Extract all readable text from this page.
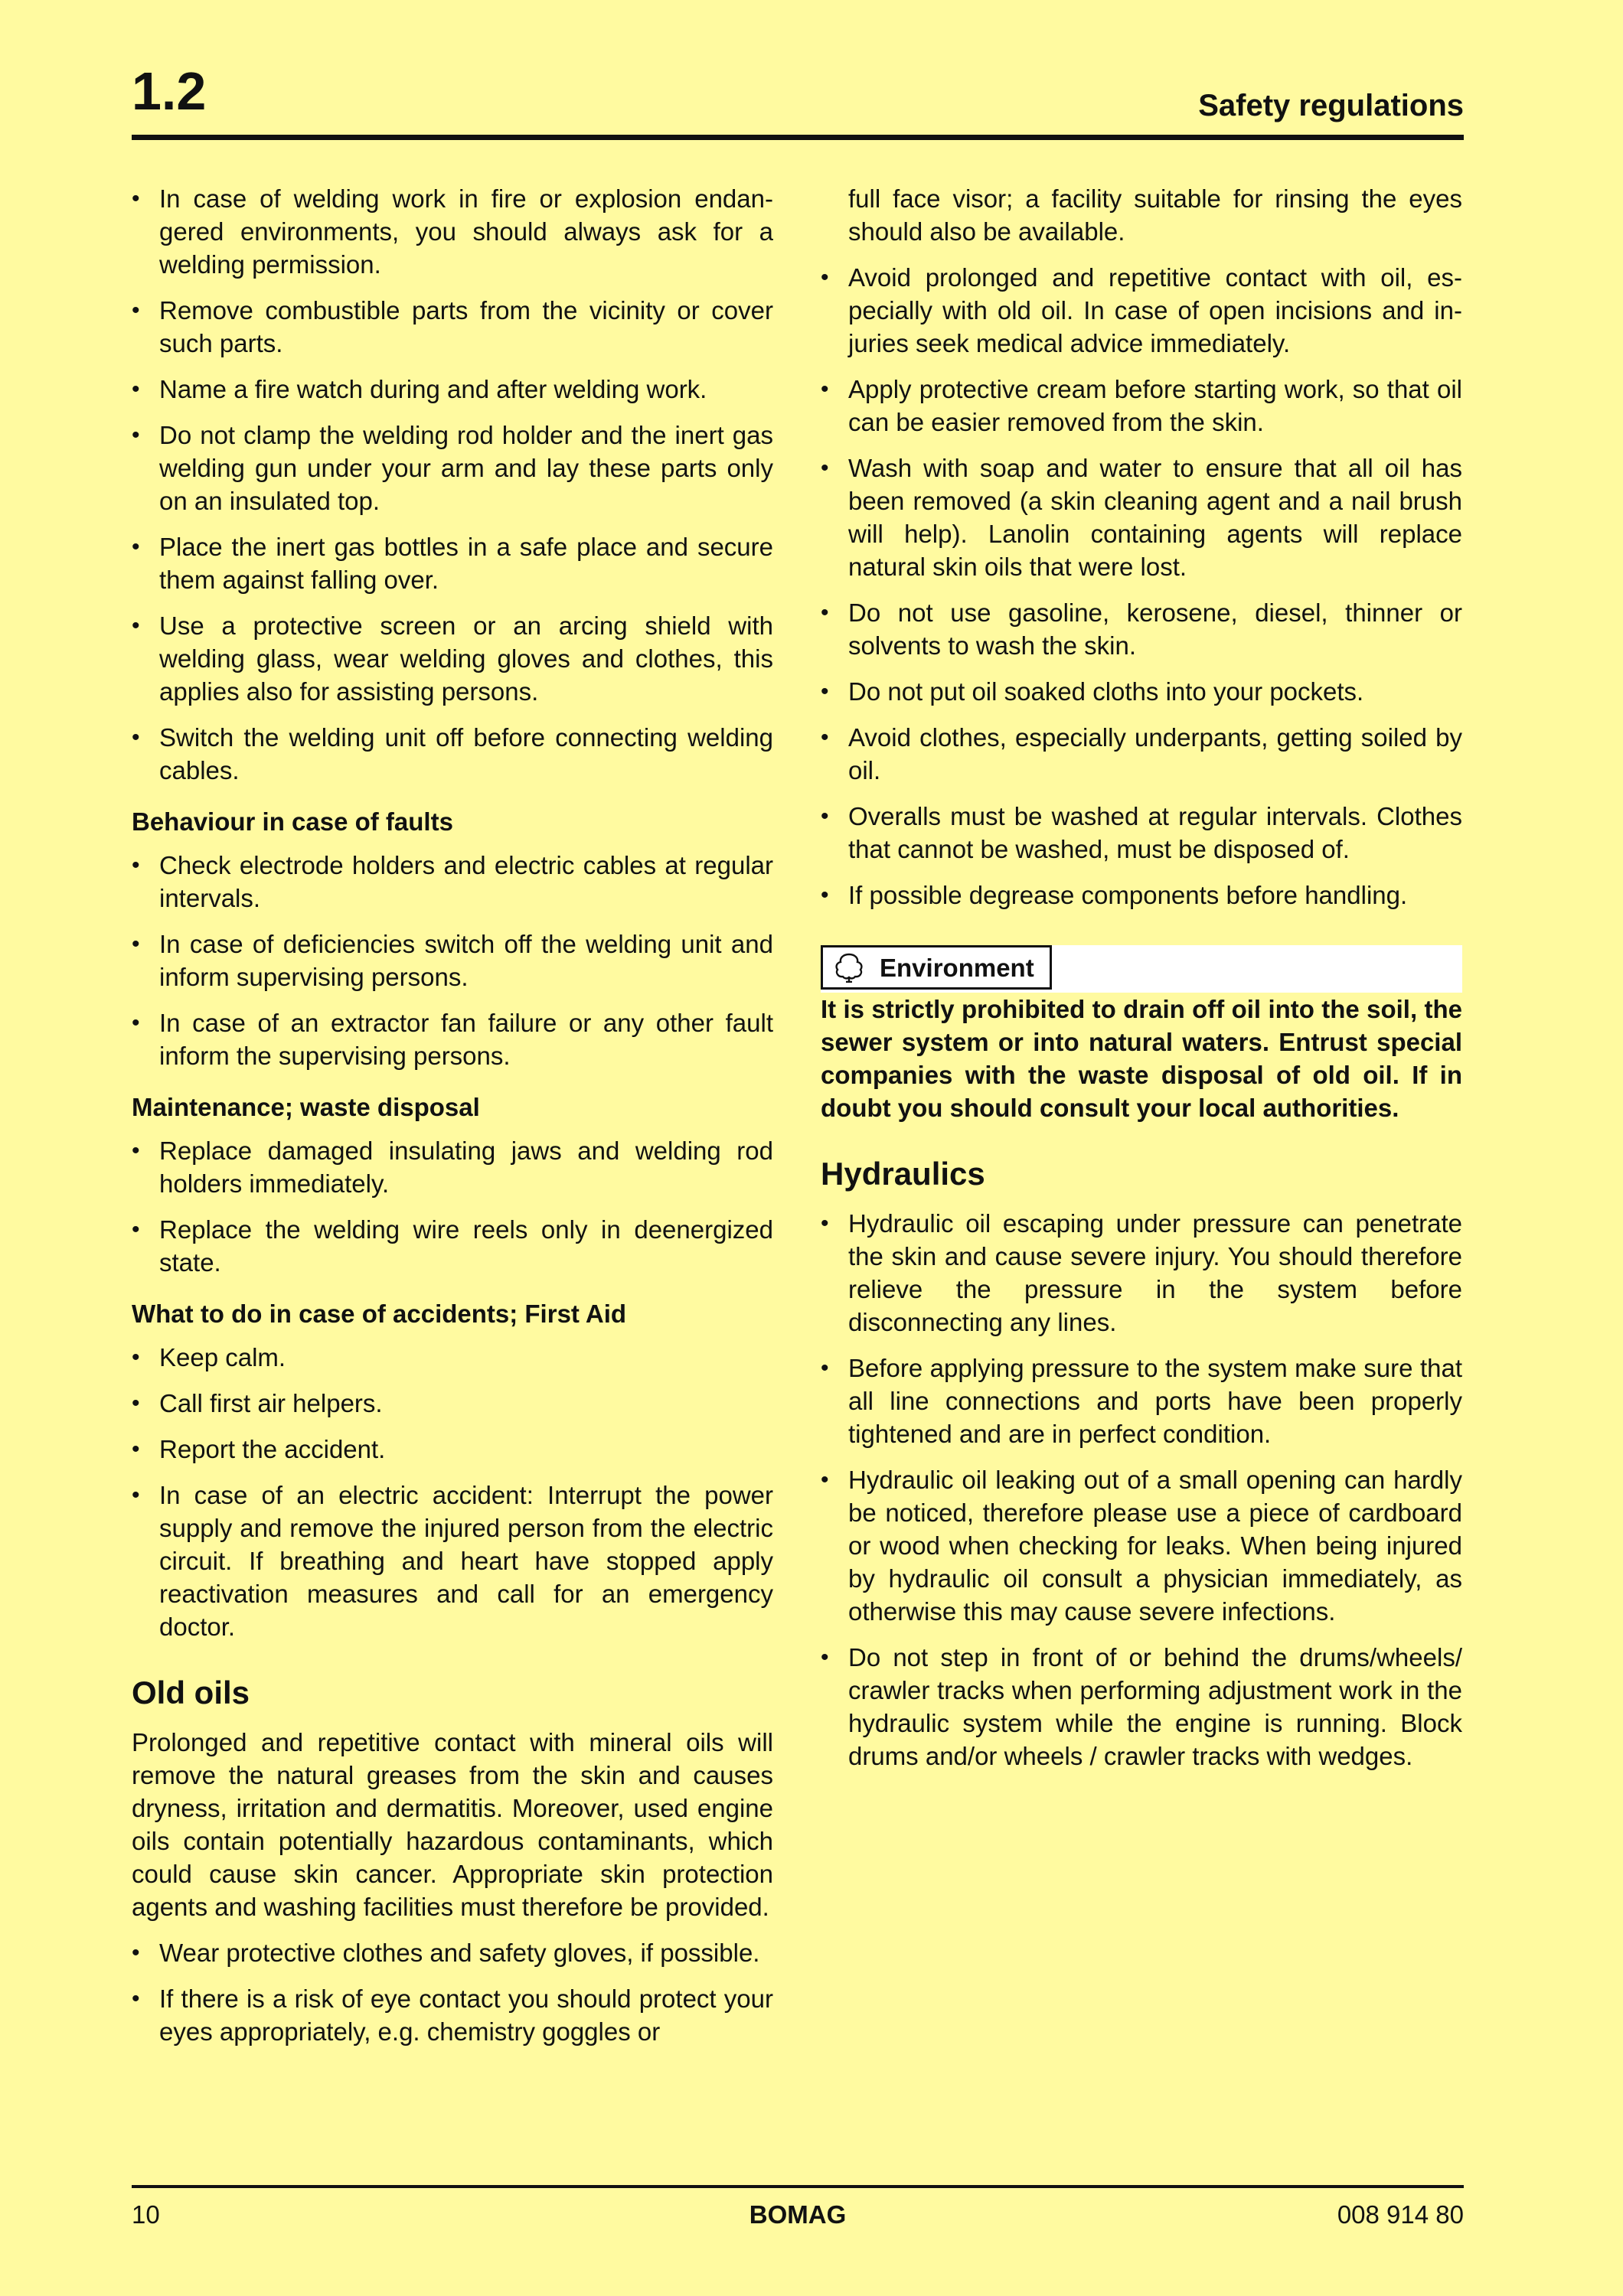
1.2	Safety regulations
• In case of welding work in fire or explosion endangered environments, you should always ask for a welding permission.
• Remove combustible parts from the vicinity or cover such parts.
• Name a fire watch during and after welding work.
• Do not clamp the welding rod holder and the inert gas welding gun under your arm and lay these parts only on an insulated top.
• Place the inert gas bottles in a safe place and secure them against falling over.
• Use a protective screen or an arcing shield with welding glass, wear welding gloves and clothes, this applies also for assisting persons.
• Switch the welding unit off before connecting welding cables.
Behaviour in case of faults
• Check electrode holders and electric cables at regular intervals.
• In case of deficiencies switch off the welding unit and inform supervising persons.
• In case of an extractor fan failure or any other fault inform the supervising persons.
Maintenance; waste disposal
• Replace damaged insulating jaws and welding rod holders immediately.
• Replace the welding wire reels only in deenergized state.
What to do in case of accidents; First Aid
• Keep calm.
• Call first air helpers.
• Report the accident.
• In case of an electric accident: Interrupt the power supply and remove the injured person from the electric circuit. If breathing and heart have stopped apply reactivation measures and call for an emergency doctor.
Old oils

Prolonged and repetitive contact with mineral oils will remove the natural greases from the skin and causes dryness, irritation and dermatitis. Moreover, used engine oils contain potentially hazardous contaminants, which could cause skin cancer. Appropriate skin protection agents and washing facilities must therefore be provided.

• Wear protective clothes and safety gloves, if possible.
• If there is a risk of eye contact you should protect your eyes appropriately, e.g. chemistry goggles or

full face visor; a facility suitable for rinsing the eyes should also be available.

• Avoid prolonged and repetitive contact with oil, especially with old oil. In case of open incisions and injuries seek medical advice immediately.
• Apply protective cream before starting work, so that oil can be easier removed from the skin.
• Wash with soap and water to ensure that all oil has been removed (a skin cleaning agent and a nail brush will help). Lanolin containing agents will replace natural skin oils that were lost.
• Do not use gasoline, kerosene, diesel, thinner or solvents to wash the skin.
• Do not put oil soaked cloths into your pockets.
• Avoid clothes, especially underpants, getting soiled by oil.
• Overalls must be washed at regular intervals. Clothes that cannot be washed, must be disposed of.
• If possible degrease components before handling.
Environment

It is strictly prohibited to drain off oil into the soil, the sewer system or into natural waters. Entrust special companies with the waste disposal of old oil. If in doubt you should consult your local authorities.

Hydraulics
• Hydraulic oil escaping under pressure can penetrate the skin and cause severe injury. You should therefore relieve the pressure in the system before disconnecting any lines.
• Before applying pressure to the system make sure that all line connections and ports have been properly tightened and are in perfect condition.
• Hydraulic oil leaking out of a small opening can hardly be noticed, therefore please use a piece of cardboard or wood when checking for leaks. When being injured by hydraulic oil consult a physician immediately, as otherwise this may cause severe infections.
• Do not step in front of or behind the drums/wheels/ crawler tracks when performing adjustment work in the hydraulic system while the engine is running. Block drums and/or wheels / crawler tracks with wedges.
10	BOMAG	008 914 80
